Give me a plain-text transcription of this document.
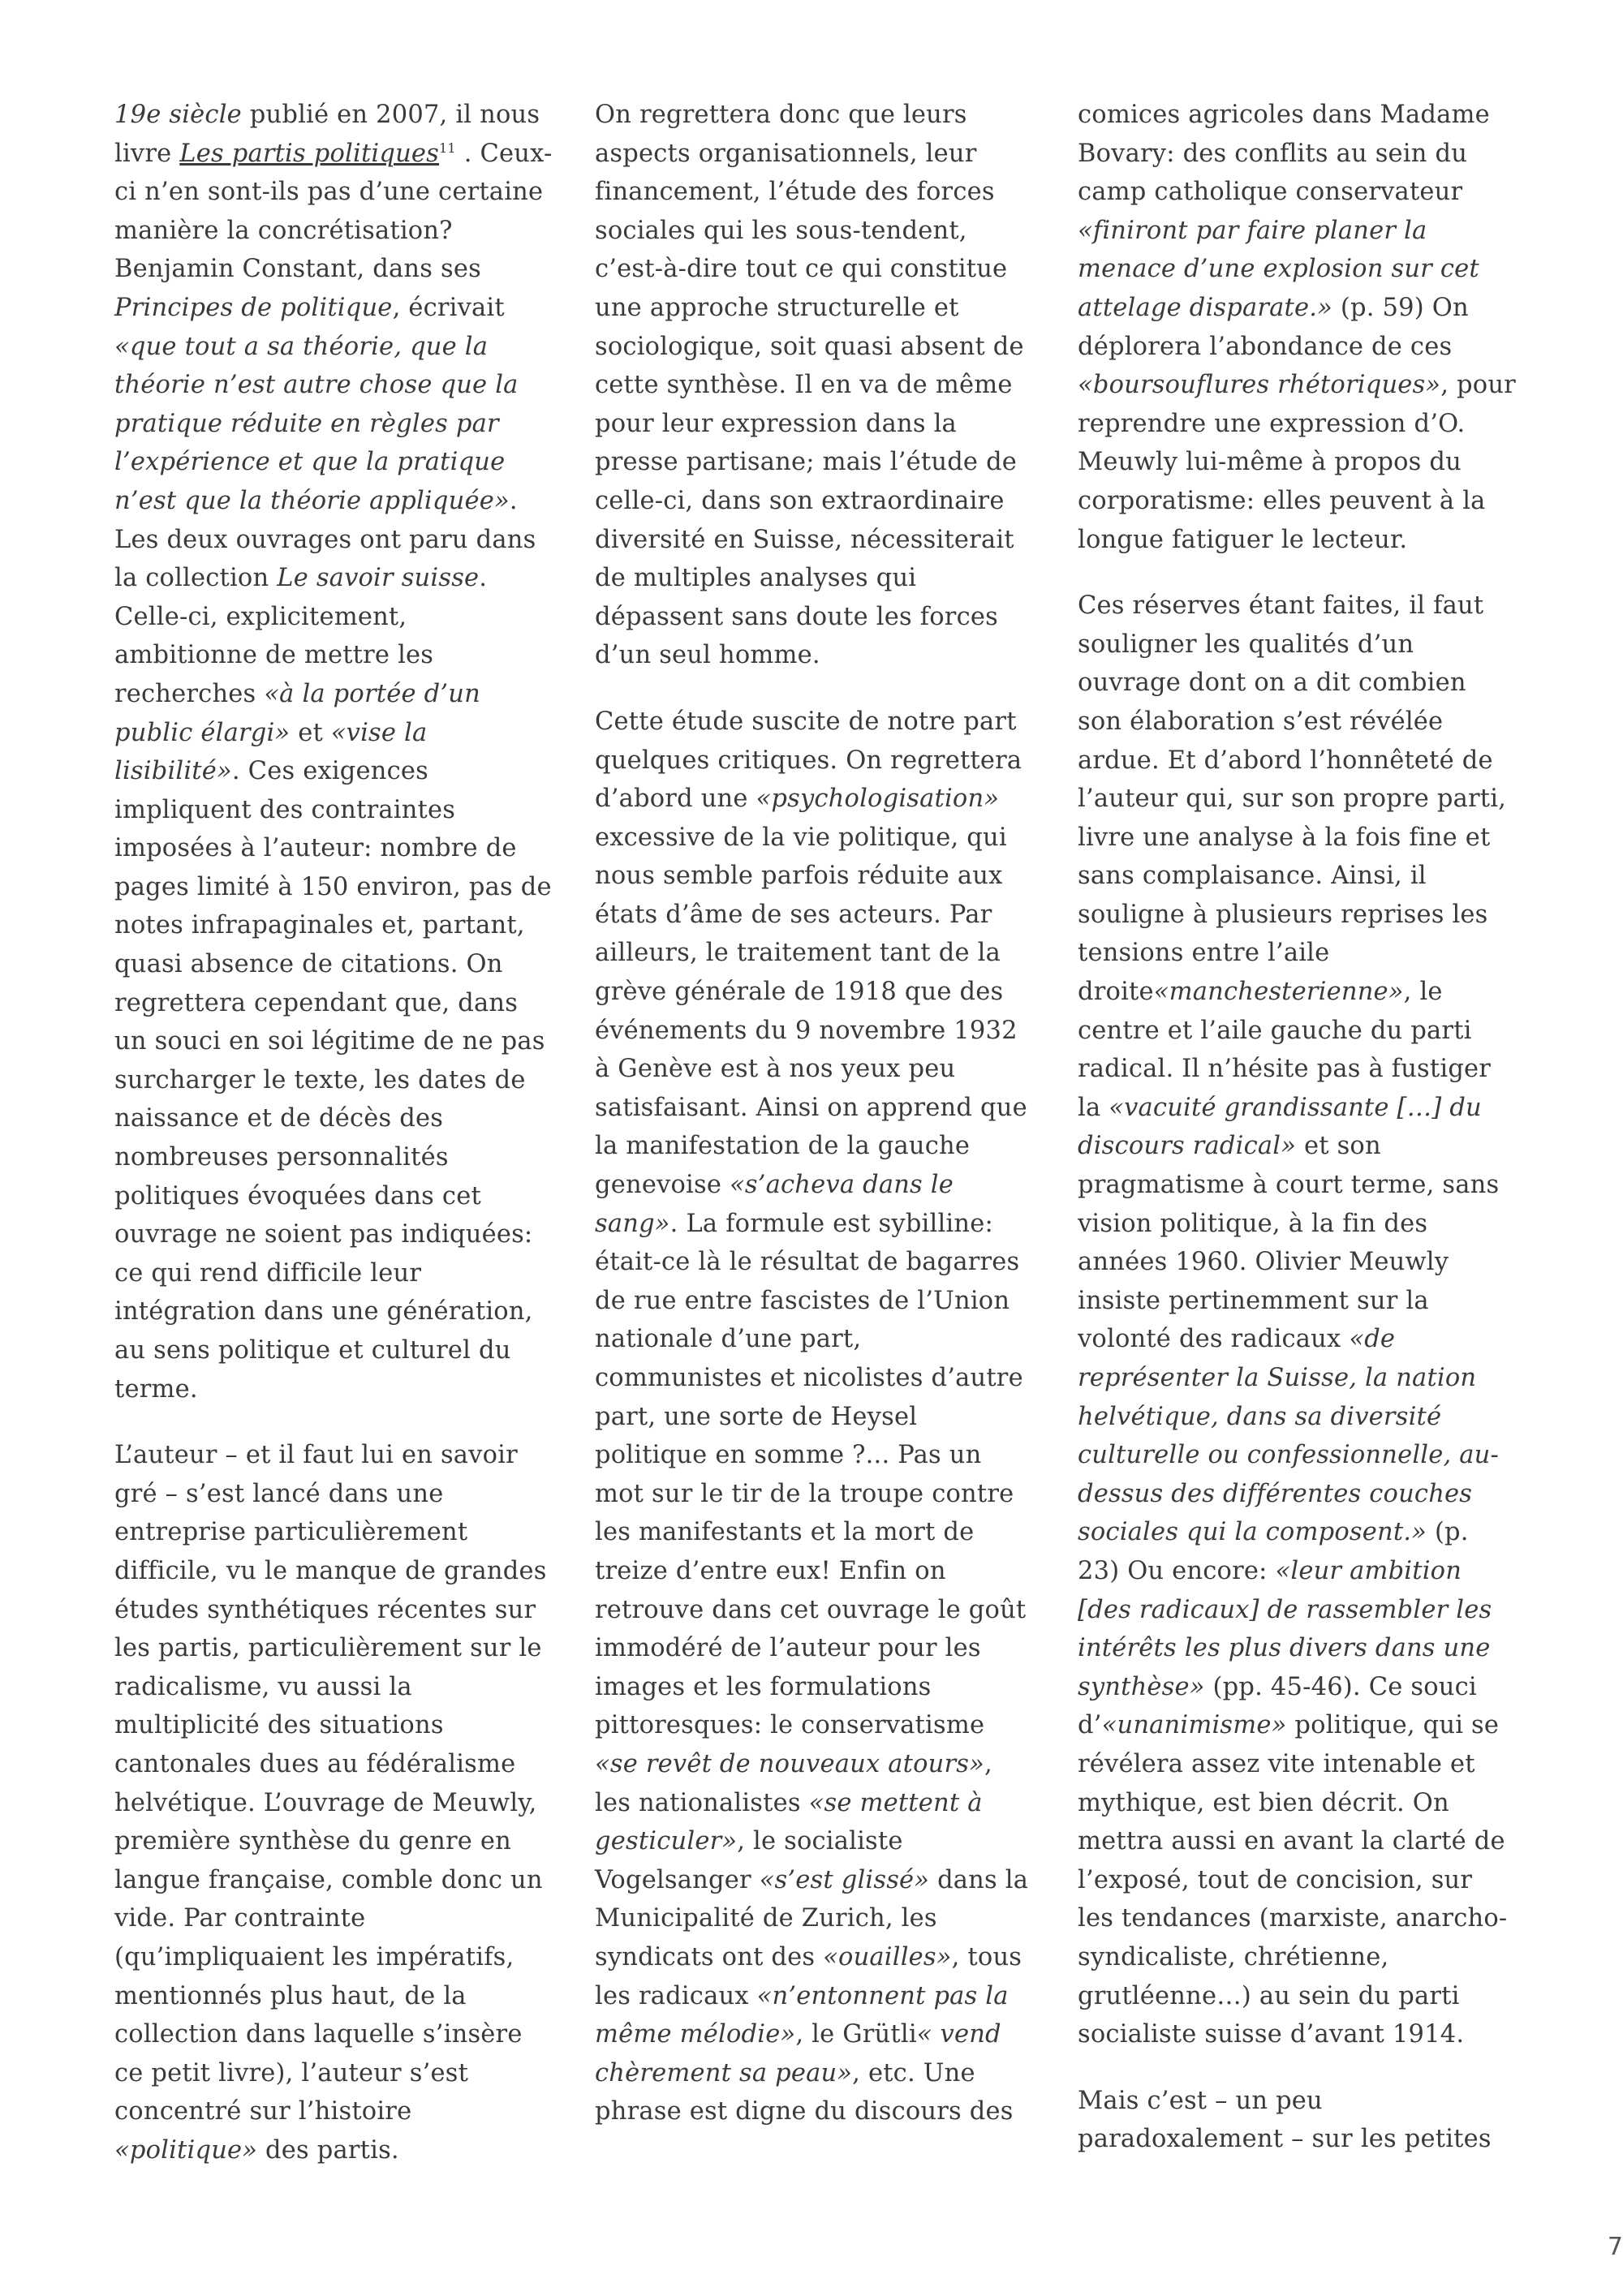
19e siècle publié en 2007, il nous livre Les partis politiques$^{11}$ . Ceux-ci n’en sont-ils pas d’une certaine manière la concrétisation? Benjamin Constant, dans ses Principes de politique, écrivait «que tout a sa théorie, que la théorie n’est autre chose que la pratique réduite en règles par l’expérience et que la pratique n’est que la théorie appliquée». Les deux ouvrages ont paru dans la collection Le savoir suisse. Celle-ci, explicitement, ambitionne de mettre les recherches «à la portée d’un public élargi» et «vise la lisibilité». Ces exigences impliquent des contraintes imposées à l’auteur: nombre de pages limité à 150 environ, pas de notes infrapaginales et, partant, quasi absence de citations. On regrettera cependant que, dans un souci en soi légitime de ne pas surcharger le texte, les dates de naissance et de décès des nombreuses personnalités politiques évoquées dans cet ouvrage ne soient pas indiquées: ce qui rend difficile leur intégration dans une génération, au sens politique et culturel du terme.

L’auteur – et il faut lui en savoir gré – s’est lancé dans une entreprise particulièrement difficile, vu le manque de grandes études synthétiques récentes sur les partis, particulièrement sur le radicalisme, vu aussi la multiplicité des situations cantonales dues au fédéralisme helvétique. L’ouvrage de Meuwly, première synthèse du genre en langue française, comble donc un vide. Par contrainte (qu’impliquaient les impératifs, mentionnés plus haut, de la collection dans laquelle s’insère ce petit livre), l’auteur s’est concentré sur l’histoire «politique» des partis.

On regrettera donc que leurs aspects organisationnels, leur financement, l’étude des forces sociales qui les sous-tendent, c’est-à-dire tout ce qui constitue une approche structurelle et sociologique, soit quasi absent de cette synthèse. Il en va de même pour leur expression dans la presse partisane; mais l’étude de celle-ci, dans son extraordinaire diversité en Suisse, nécessiterait de multiples analyses qui dépassent sans doute les forces d’un seul homme.

Cette étude suscite de notre part quelques critiques. On regrettera d’abord une «psychologisation» excessive de la vie politique, qui nous semble parfois réduite aux états d’âme de ses acteurs. Par ailleurs, le traitement tant de la grève générale de 1918 que des événements du 9 novembre 1932 à Genève est à nos yeux peu satisfaisant. Ainsi on apprend que la manifestation de la gauche genevoise «s’acheva dans le sang». La formule est sybilline: était-ce là le résultat de bagarres de rue entre fascistes de l’Union nationale d’une part, communistes et nicolistes d’autre part, une sorte de Heysel politique en somme ?... Pas un mot sur le tir de la troupe contre les manifestants et la mort de treize d’entre eux! Enfin on retrouve dans cet ouvrage le goût immodéré de l’auteur pour les images et les formulations pittoresques: le conservatisme «se revêt de nouveaux atours», les nationalistes «se mettent à gesticuler», le socialiste Vogelsanger «s’est glissé» dans la Municipalité de Zurich, les syndicats ont des «ouailles», tous les radicaux «n’entonnent pas la même mélodie», le Grütli« vend chèrement sa peau», etc. Une phrase est digne du discours des

comices agricoles dans Madame Bovary: des conflits au sein du camp catholique conservateur «finiront par faire planer la menace d’une explosion sur cet attelage disparate.» (p. 59) On déplorera l’abondance de ces «boursouflures rhétoriques», pour reprendre une expression d’O. Meuwly lui-même à propos du corporatisme: elles peuvent à la longue fatiguer le lecteur.

Ces réserves étant faites, il faut souligner les qualités d’un ouvrage dont on a dit combien son élaboration s’est révélée ardue. Et d’abord l’honnêteté de l’auteur qui, sur son propre parti, livre une analyse à la fois fine et sans complaisance. Ainsi, il souligne à plusieurs reprises les tensions entre l’aile droite«manchesterienne», le centre et l’aile gauche du parti radical. Il n’hésite pas à fustiger la «vacuité grandissante […] du discours radical» et son pragmatisme à court terme, sans vision politique, à la fin des années 1960. Olivier Meuwly insiste pertinemment sur la volonté des radicaux «de représenter la Suisse, la nation helvétique, dans sa diversité culturelle ou confessionnelle, au-dessus des différentes couches sociales qui la composent.» (p. 23) Ou encore: «leur ambition [des radicaux] de rassembler les intérêts les plus divers dans une synthèse» (pp. 45-46). Ce souci d’«unanimisme» politique, qui se révélera assez vite intenable et mythique, est bien décrit. On mettra aussi en avant la clarté de l’exposé, tout de concision, sur les tendances (marxiste, anarcho-syndicaliste, chrétienne, grutléenne…) au sein du parti socialiste suisse d’avant 1914.

Mais c’est – un peu paradoxalement – sur les petites

7
